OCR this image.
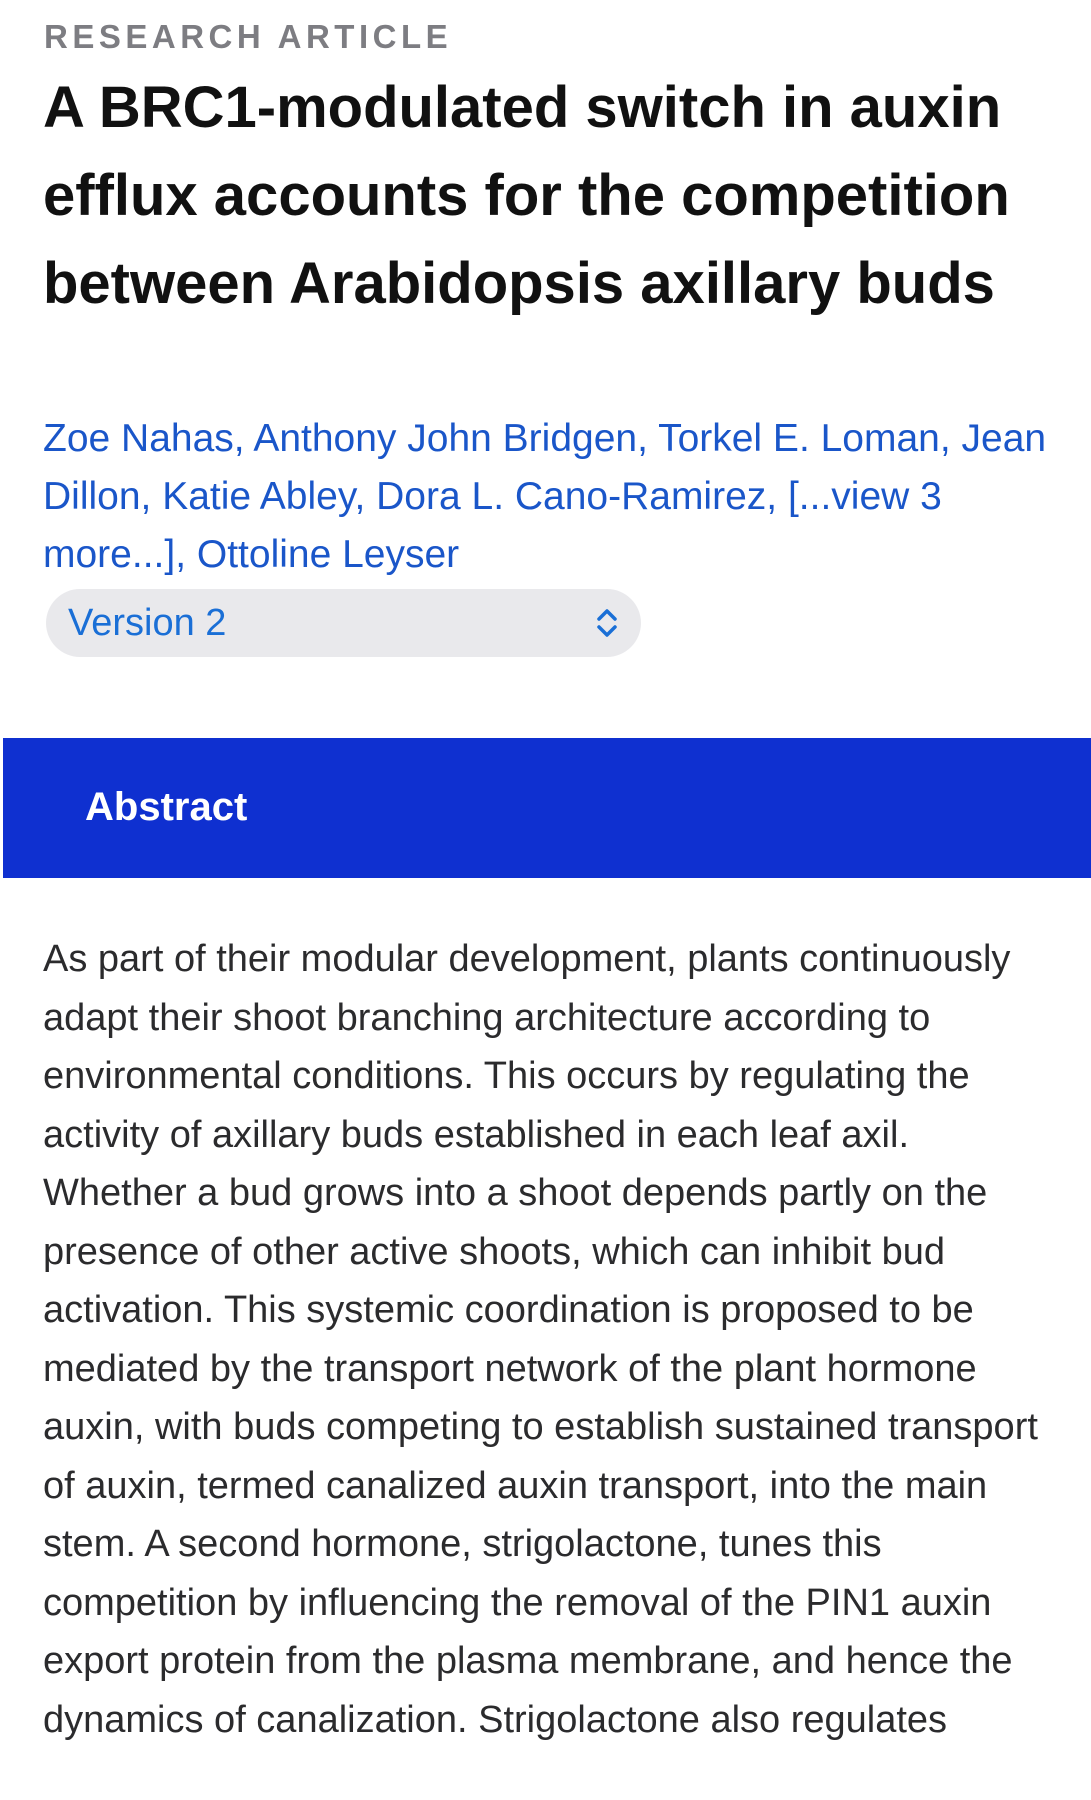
RESEARCH ARTICLE
A BRC1-modulated switch in auxin efflux accounts for the competition between Arabidopsis axillary buds
Zoe Nahas, Anthony John Bridgen, Torkel E. Loman, Jean Dillon, Katie Abley, Dora L. Cano-Ramirez, [...view 3 more...], Ottoline Leyser
Version 2
Abstract

As part of their modular development, plants continuously adapt their shoot branching architecture according to environmental conditions. This occurs by regulating the activity of axillary buds established in each leaf axil. Whether a bud grows into a shoot depends partly on the presence of other active shoots, which can inhibit bud activation. This systemic coordination is proposed to be mediated by the transport network of the plant hormone auxin, with buds competing to establish sustained transport of auxin, termed canalized auxin transport, into the main stem. A second hormone, strigolactone, tunes this competition by influencing the removal of the PIN1 auxin export protein from the plasma membrane, and hence the dynamics of canalization. Strigolactone also regulates
